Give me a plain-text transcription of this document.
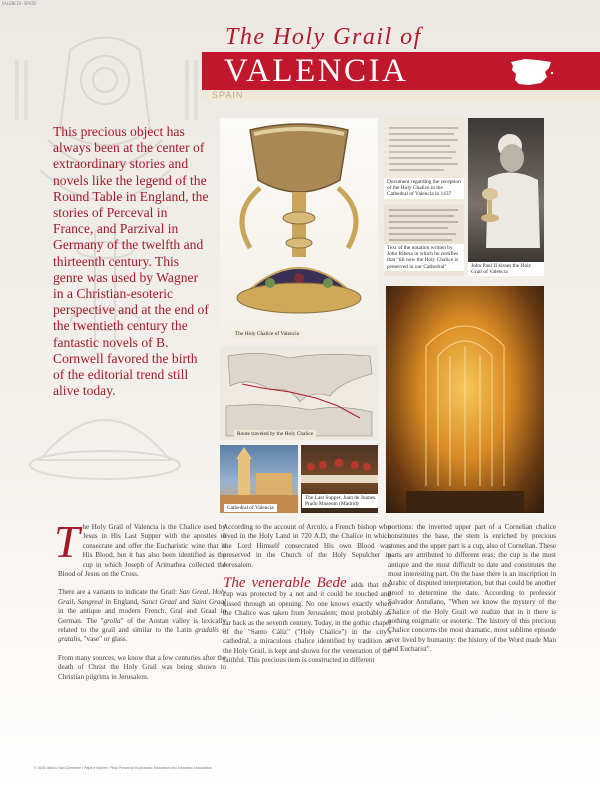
VALENCIA-SPAIN
The Holy Grail of
VALENCIA
SPAIN
This precious object has always been at the center of extraordinary stories and novels like the legend of the Round Table in England, the stories of Perceval in France, and Parzival in Germany of the twelfth and thirteenth century. This genre was used by Wagner in a Christian-esoteric perspective and at the end of the twentieth century the fantastic novels of B. Cornwell favored the birth of the editorial trend still alive today.
The Holy Chalice of Valencia
Document regarding the reception of the Holy Chalice in the Cathedral of Valencia in 1437
Text of the notation written by John Ribera in which he certifies that "till now the Holy Chalice is preserved in our Cathedral"	John Paul II kisses the Holy Grail of Valencia
Route traveled by the Holy Chalice
Cathedral of Valencia
The Last Supper, Juan de Juanes. Prado Museum (Madrid)

The Holy Grail of Valencia is the Chalice used by Jesus in His Last Supper with the apostles to consecrate and offer the Eucharistic wine that is His Blood, but it has also been identified as the cup in which Joseph of Arimathea collected the Blood of Jesus on the Cross.

There are a variants to indicate the Grail: San Greal, Holy Grail, Sangreal in England, Sanct Graal and Saint Graal in the antique and modern French, Gral and Graal in German. The "grolla" of the Aostan valley is lexically related to the grail and similar to the Latin gradalis o gratalis, "vase" or glass.

From many sources, we know that a few centuries after the death of Christ the Holy Grail was being shown to Christian pilgrims in Jerusalem.

According to the account of Arculo, a French bishop who lived in the Holy Land in 720 A.D, the Chalice in which the Lord Himself consecrated His own Blood was preserved in the Church of the Holy Sepulcher in Jerusalem.

The venerable Bede adds that the cup was protected by a net and it could be touched and kissed through an opening. No one knows exactly when the Chalice was taken from Jerusalem; most probably as far back as the seventh century. Today, in the gothic chapel of the "Santo Cáliz" ("Holy Chalice") in the city's cathedral, a miraculous chalice identified by tradition as the Holy Grail, is kept and shown for the veneration of the faithful. This precious item is constructed in different

portions: the inverted upper part of a Cornelian chalice constitutes the base, the stem is enriched by precious stones and the upper part is a cup, also of Cornelian. These parts are attributed to different eras; the cup is the most antique and the most difficult to date and constitutes the most interesting part. On the base there is an inscription in Arabic of disputed interpretation, but that could be another proof to determine the date. According to professor Salvador Antuñano, "When we know the mystery of the Chalice of the Holy Grail we realize that in it there is nothing enigmatic or esoteric. The history of this precious Chalice concerns the most dramatic, most sublime episode ever lived by humanity: the history of the Word made Man and Eucharist".

© 2006 Istituto San Clemente I Papa e Martire / Real Presence Eucharistic Education and Adoration Association
